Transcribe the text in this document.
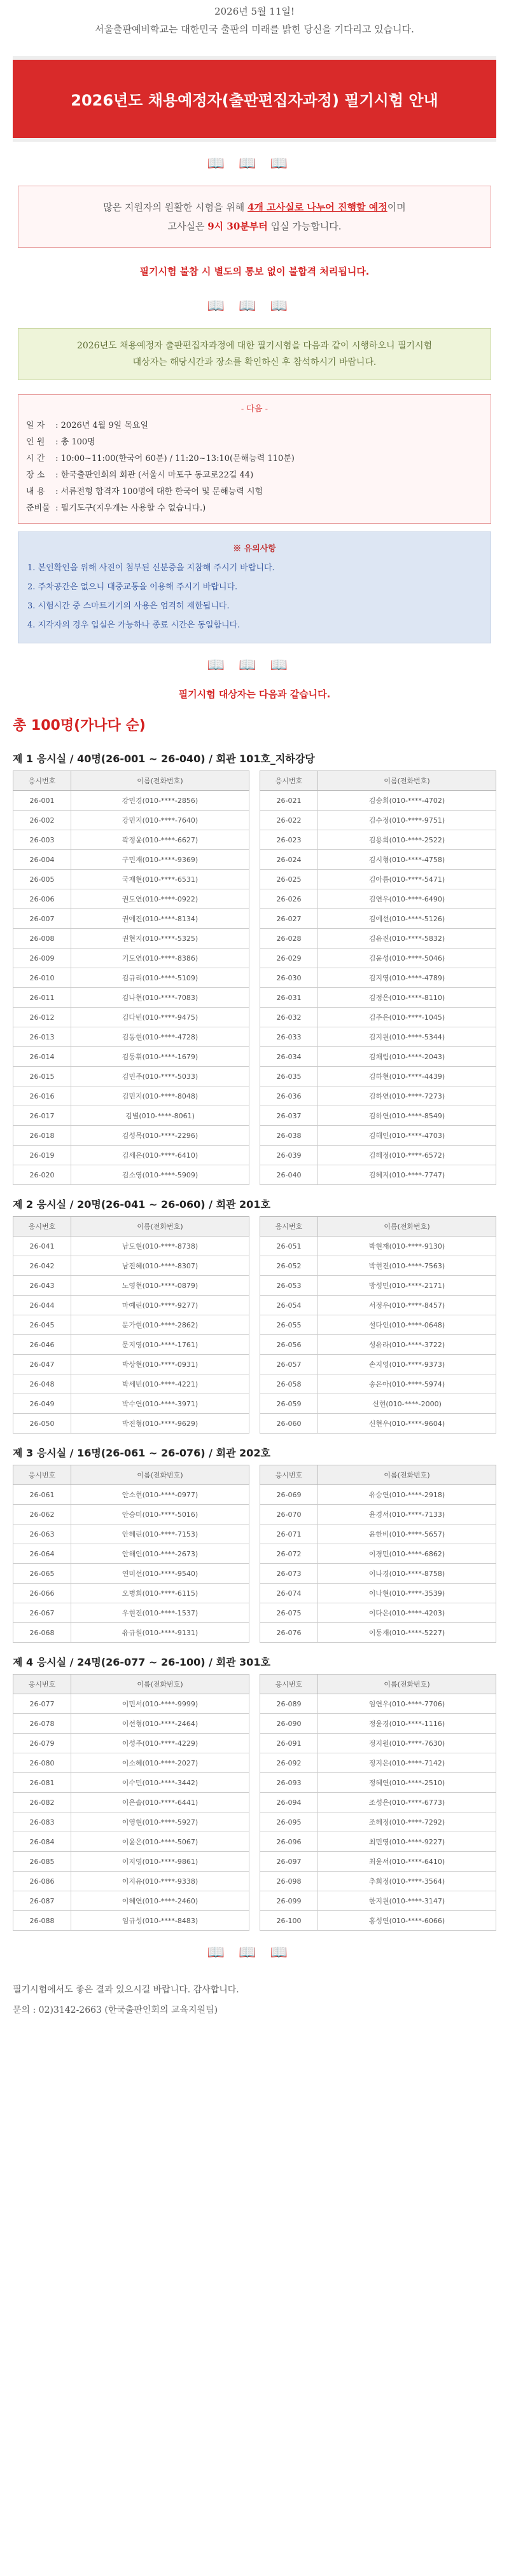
2026년 5월 11일!
서울출판예비학교는 대한민국 출판의 미래를 밝힌 당신을 기다리고 있습니다.
2026년도 채용예정자(출판편집자과정) 필기시험 안내
📖📖📖
많은 지원자의 원활한 시험을 위해 4개 고사실로 나누어 진행할 예정이며
고사실은 9시 30분부터 입실 가능합니다.
필기시험 불참 시 별도의 통보 없이 불합격 처리됩니다.
📖📖📖
2026년도 채용예정자 출판편집자과정에 대한 필기시험을 다음과 같이 시행하오니 필기시험
대상자는 해당시간과 장소를 확인하신 후 참석하시기 바랍니다.
- 다음 -
일 자 : 2026년 4월 9일 목요일
인 원 : 총 100명
시 간 : 10:00~11:00(한국어 60분) / 11:20~13:10(문해능력 110분)
장 소 : 한국출판인회의 회관 (서울시 마포구 동교로22길 44)
내 용 : 서류전형 합격자 100명에 대한 한국어 및 문해능력 시험
준비물 : 필기도구(지우개는 사용할 수 없습니다.)
※ 유의사항
1. 본인확인을 위해 사진이 첨부된 신분증을 지참해 주시기 바랍니다.
2. 주차공간은 없으니 대중교통을 이용해 주시기 바랍니다.
3. 시험시간 중 스마트기기의 사용은 엄격히 제한됩니다.
4. 지각자의 경우 입실은 가능하나 종료 시간은 동일합니다.
📖📖📖
필기시험 대상자는 다음과 같습니다.
총 100명(가나다 순)
제 1 응시실 / 40명(26-001 ~ 26-040) / 회관 101호_지하강당
응시번호	이름(전화번호)
26-001	강민경(010-****-2856)
26-002	강민지(010-****-7640)
26-003	곽정윤(010-****-6627)
26-004	구민재(010-****-9369)
26-005	국재현(010-****-6531)
26-006	권도연(010-****-0922)
26-007	권예진(010-****-8134)
26-008	권현지(010-****-5325)
26-009	기도연(010-****-8386)
26-010	김규리(010-****-5109)
26-011	김나현(010-****-7083)
26-012	김다빈(010-****-9475)
26-013	김동현(010-****-4728)
26-014	김동휘(010-****-1679)
26-015	김민주(010-****-5033)
26-016	김민지(010-****-8048)
26-017	김별(010-****-8061)
26-018	김성목(010-****-2296)
26-019	김세은(010-****-6410)
26-020	김소영(010-****-5909)
응시번호	이름(전화번호)
26-021	김송희(010-****-4702)
26-022	김수정(010-****-9751)
26-023	김용희(010-****-2522)
26-024	김시형(010-****-4758)
26-025	김아름(010-****-5471)
26-026	김연우(010-****-6490)
26-027	김예선(010-****-5126)
26-028	김유진(010-****-5832)
26-029	김윤성(010-****-5046)
26-030	김지영(010-****-4789)
26-031	김정은(010-****-8110)
26-032	김주은(010-****-1045)
26-033	김지원(010-****-5344)
26-034	김채림(010-****-2043)
26-035	김하현(010-****-4439)
26-036	김하연(010-****-7273)
26-037	김하연(010-****-8549)
26-038	김해인(010-****-4703)
26-039	김혜정(010-****-6572)
26-040	김혜지(010-****-7747)
제 2 응시실 / 20명(26-041 ~ 26-060) / 회관 201호
응시번호	이름(전화번호)
26-041	남도현(010-****-8738)
26-042	남진혜(010-****-8307)
26-043	노영현(010-****-0879)
26-044	마예린(010-****-9277)
26-045	문가현(010-****-2862)
26-046	문지영(010-****-1761)
26-047	박상현(010-****-0931)
26-048	박세빈(010-****-4221)
26-049	박수연(010-****-3971)
26-050	박진형(010-****-9629)
응시번호	이름(전화번호)
26-051	박현재(010-****-9130)
26-052	박현진(010-****-7563)
26-053	방성민(010-****-2171)
26-054	서정우(010-****-8457)
26-055	설다인(010-****-0648)
26-056	성유라(010-****-3722)
26-057	손지영(010-****-9373)
26-058	송은아(010-****-5974)
26-059	신현(010-****-2000)
26-060	신현우(010-****-9604)
제 3 응시실 / 16명(26-061 ~ 26-076) / 회관 202호
응시번호	이름(전화번호)
26-061	안소현(010-****-0977)
26-062	안승미(010-****-5016)
26-063	안혜린(010-****-7153)
26-064	안해인(010-****-2673)
26-065	연미선(010-****-9540)
26-066	오병희(010-****-6115)
26-067	우현진(010-****-1537)
26-068	유규원(010-****-9131)
응시번호	이름(전화번호)
26-069	유승연(010-****-2918)
26-070	윤경서(010-****-7133)
26-071	윤한비(010-****-5657)
26-072	이경민(010-****-6862)
26-073	이나경(010-****-8758)
26-074	이나현(010-****-3539)
26-075	이다은(010-****-4203)
26-076	이동재(010-****-5227)
제 4 응시실 / 24명(26-077 ~ 26-100) / 회관 301호
응시번호	이름(전화번호)
26-077	이민서(010-****-9999)
26-078	이선형(010-****-2464)
26-079	이성주(010-****-4229)
26-080	이소혜(010-****-2027)
26-081	이수민(010-****-3442)
26-082	이은솔(010-****-6441)
26-083	이영현(010-****-5927)
26-084	이윤은(010-****-5067)
26-085	이지영(010-****-9861)
26-086	이지유(010-****-9338)
26-087	이혜연(010-****-2460)
26-088	임규성(010-****-8483)
응시번호	이름(전화번호)
26-089	임연우(010-****-7706)
26-090	정윤경(010-****-1116)
26-091	정지원(010-****-7630)
26-092	정지은(010-****-7142)
26-093	정혜연(010-****-2510)
26-094	조성은(010-****-6773)
26-095	조혜정(010-****-7292)
26-096	최민영(010-****-9227)
26-097	최윤서(010-****-6410)
26-098	추희정(010-****-3564)
26-099	한지원(010-****-3147)
26-100	홍성연(010-****-6066)
📖📖📖
필기시험에서도 좋은 결과 있으시길 바랍니다. 감사합니다.
문의 : 02)3142-2663 (한국출판인회의 교육지원팀)
